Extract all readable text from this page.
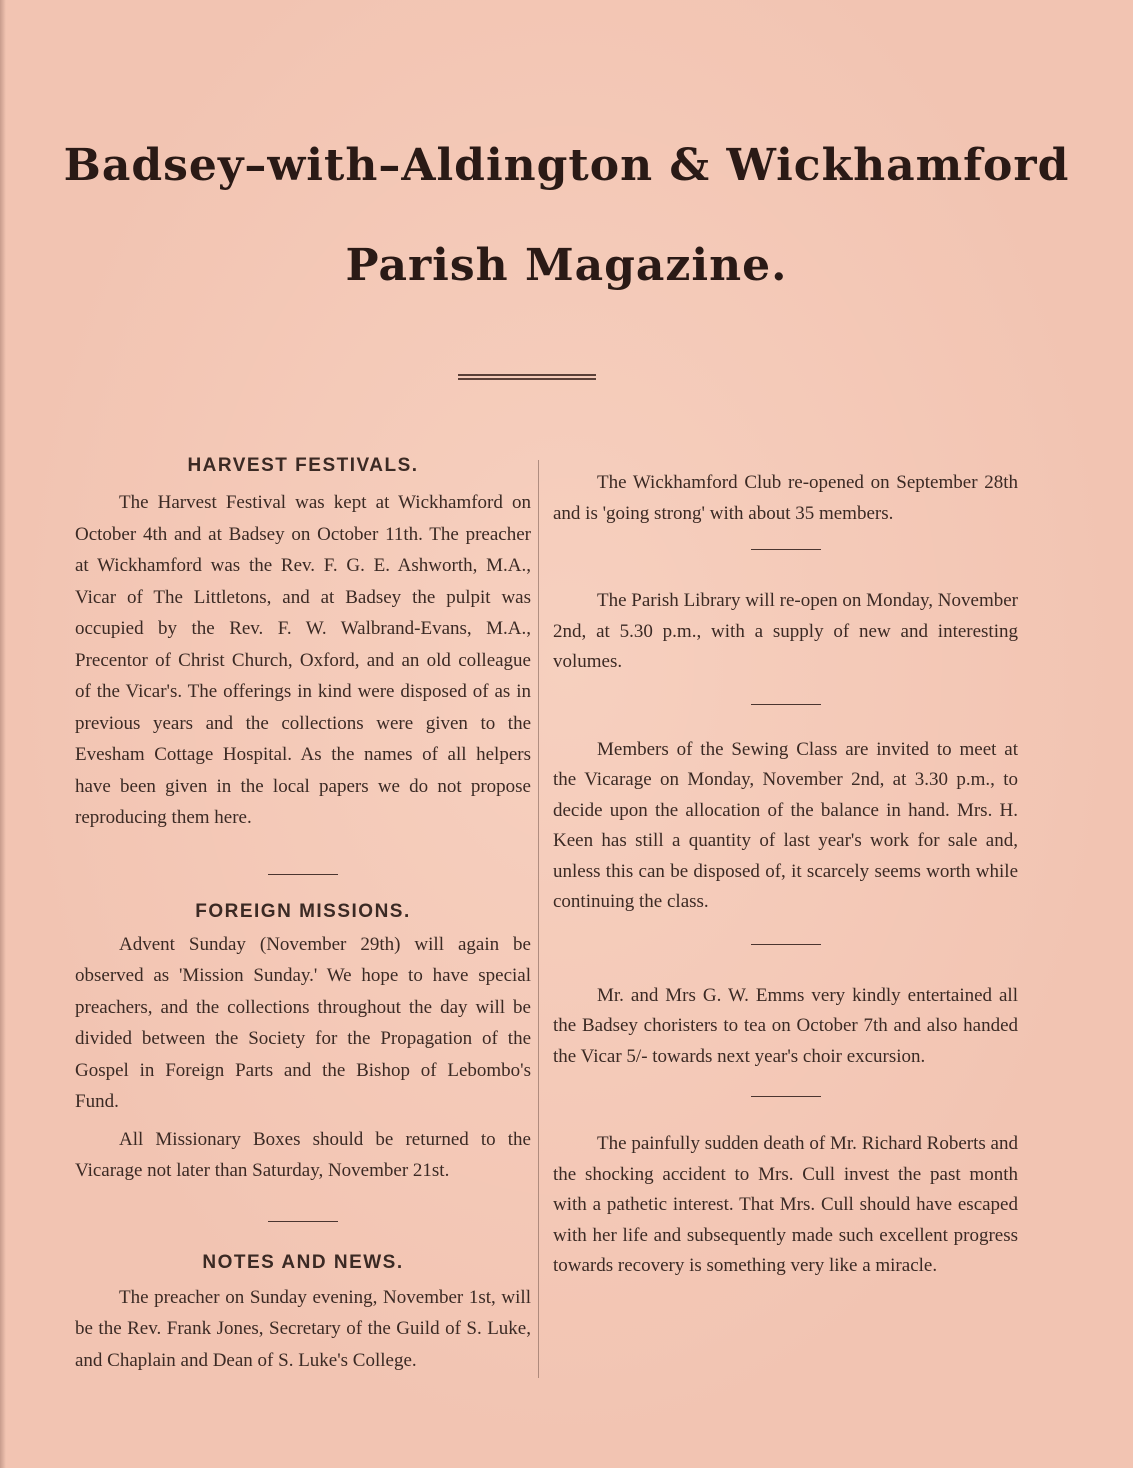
Badsey–with–Aldington & Wickhamford
Parish Magazine.
HARVEST FESTIVALS.

The Harvest Festival was kept at Wickhamford on October 4th and at Badsey on October 11th. The preacher at Wickhamford was the Rev. F. G. E. Ashworth, M.A., Vicar of The Littletons, and at Badsey the pulpit was occupied by the Rev. F. W. Walbrand-Evans, M.A., Precentor of Christ Church, Oxford, and an old colleague of the Vicar's. The offerings in kind were disposed of as in previous years and the collections were given to the Evesham Cottage Hospital. As the names of all helpers have been given in the local papers we do not propose reproducing them here.

FOREIGN MISSIONS.

Advent Sunday (November 29th) will again be observed as 'Mission Sunday.' We hope to have special preachers, and the collections throughout the day will be divided between the Society for the Propagation of the Gospel in Foreign Parts and the Bishop of Lebombo's Fund.

All Missionary Boxes should be returned to the Vicarage not later than Saturday, November 21st.

NOTES AND NEWS.

The preacher on Sunday evening, November 1st, will be the Rev. Frank Jones, Secretary of the Guild of S. Luke, and Chaplain and Dean of S. Luke's College.

The Wickhamford Club re-opened on September 28th and is 'going strong' with about 35 members.

The Parish Library will re-open on Monday, November 2nd, at 5.30 p.m., with a supply of new and interesting volumes.

Members of the Sewing Class are invited to meet at the Vicarage on Monday, November 2nd, at 3.30 p.m., to decide upon the allocation of the balance in hand. Mrs. H. Keen has still a quantity of last year's work for sale and, unless this can be disposed of, it scarcely seems worth while continuing the class.

Mr. and Mrs G. W. Emms very kindly entertained all the Badsey choristers to tea on October 7th and also handed the Vicar 5/- towards next year's choir excursion.

The painfully sudden death of Mr. Richard Roberts and the shocking accident to Mrs. Cull invest the past month with a pathetic interest. That Mrs. Cull should have escaped with her life and subsequently made such excellent progress towards recovery is something very like a miracle.
